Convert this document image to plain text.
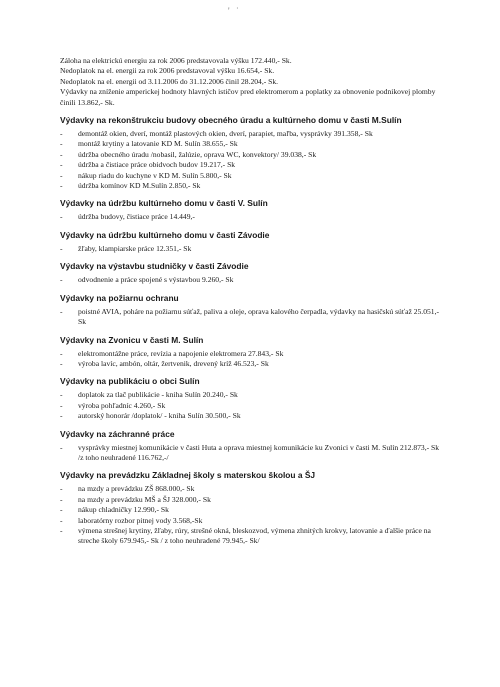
' ˙

Záloha na elektrickú energiu za rok 2006 predstavovala výšku 172.440,- Sk.

Nedoplatok na el. energii za rok 2006 predstavoval výšku 16.654,- Sk.

Nedoplatok na el. energii od 3.11.2006 do 31.12.2006 činil 28.204,- Sk.

Výdavky na zníženie amperickej hodnoty hlavných ističov pred elektromerom a poplatky za obnovenie podnikovej plomby činili 13.862,- Sk.

Výdavky na rekonštrukciu budovy obecného úradu a kultúrneho domu v časti M.Sulín
- demontáž okien, dverí, montáž plastových okien, dverí, parapiet, maľba, vysprávky 391.358,- Sk
- montáž krytiny a latovanie KD M. Sulín 38.655,- Sk
- údržba obecného úradu /nobasil, žalúzie, oprava WC, konvektory/ 39.038,- Sk
- údržba a čistiace práce obidvoch budov 19.217,- Sk
- nákup riadu do kuchyne v KD M. Sulín 5.800,- Sk
- údržba komínov KD M.Sulín 2.850,- Sk
Výdavky na údržbu kultúrneho domu v časti V. Sulín
- údržba budovy, čistiace práce 14.449,-
Výdavky na údržbu kultúrneho domu v časti Závodie
- žľaby, klampiarske práce 12.351,- Sk
Výdavky na výstavbu studničky v časti Závodie
- odvodnenie a práce spojené s výstavbou 9.260,- Sk
Výdavky na požiarnu ochranu
- poistné AVIA, poháre na požiarnu súťaž, paliva a oleje, oprava kalového čerpadla, výdavky na hasičskú súťaž 25.051,- Sk
Výdavky na Zvonicu v časti M. Sulín
- elektromontážne práce, revízia a napojenie elektromera 27.843,- Sk
- výroba lavíc, ambón, oltár, žertvenik, drevený kríž 46.523,- Sk
Výdavky na publikáciu o obci Sulín
- doplatok za tlač publikácie - kniha Sulín 20.240,- Sk
- výroba pohľadníc 4.260,- Sk
- autorský honorár /doplatok/ - kniha Sulín 30.500,- Sk
Výdavky na záchranné práce
- vysprávky miestnej komunikácie v časti Huta a oprava miestnej komunikácie ku Zvonici v časti M. Sulín 212.873,- Sk /z toho neuhradené 116.762,-/
Výdavky na prevádzku Základnej školy s materskou školou a ŠJ
- na mzdy a prevádzku ZŠ 868.000,- Sk
- na mzdy a prevádzku MŠ a ŠJ 328.000,- Sk
- nákup chladničky 12.990,- Sk
- laboratórny rozbor pitnej vody 3.568,-Sk
- výmena strešnej krytiny, žľaby, rúry, strešné okná, bleskozvod, výmena zhnitých krokvy, latovanie a ďalšie práce na streche školy 679.945,- Sk / z toho neuhradené 79.945,- Sk/
